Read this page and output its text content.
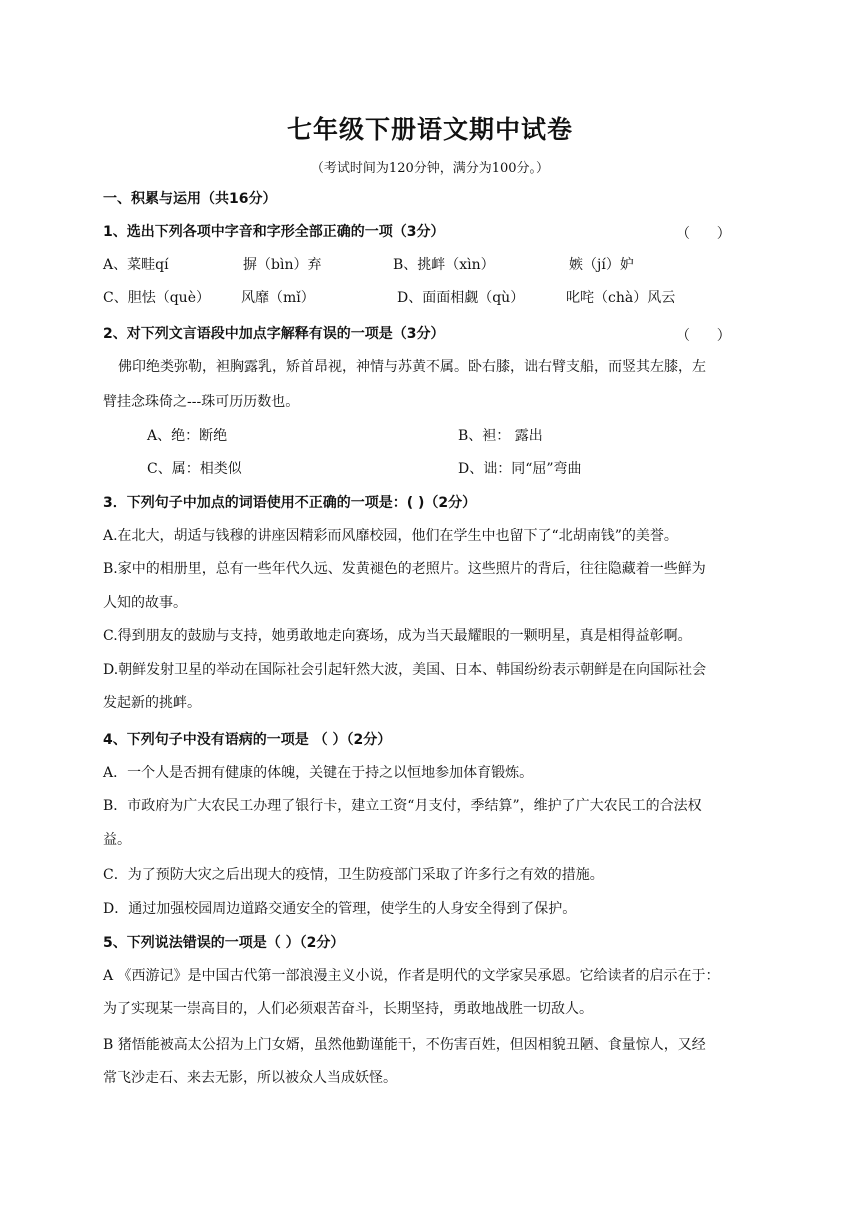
七年级下册语文期中试卷
（考试时间为120分钟，满分为100分。）
一、积累与运用（共16分）
1、选出下列各项中字音和字形全部正确的一项（3分）	（      ）
A、菜畦qí	摒（bìn）弃	B、挑衅（xìn）	嫉（jí）妒
C、胆怯（què） 风靡（mǐ）	D、面面相觑（qù）	叱咤（chà）风云
2、对下列文言语段中加点字解释有误的一项是（3分）	（      ）
佛印绝类弥勒，袒胸露乳，矫首昂视，神情与苏黄不属。卧右膝，诎右臂支船，而竖其左膝，左
臂挂念珠倚之---珠可历历数也。
A、绝：断绝	B、袒： 露出
C、属：相类似	D、诎：同“屈”弯曲
3．下列句子中加点的词语使用不正确的一项是：( )（2分）
A.在北大，胡适与钱穆的讲座因精彩而风靡校园，他们在学生中也留下了“北胡南钱”的美誉。
B.家中的相册里，总有一些年代久远、发黄褪色的老照片。这些照片的背后，往往隐藏着一些鲜为
人知的故事。
C.得到朋友的鼓励与支持，她勇敢地走向赛场，成为当天最耀眼的一颗明星，真是相得益彰啊。
D.朝鲜发射卫星的举动在国际社会引起轩然大波，美国、日本、韩国纷纷表示朝鲜是在向国际社会
发起新的挑衅。
4、下列句子中没有语病的一项是 （ ）（2分）
A．一个人是否拥有健康的体魄，关键在于持之以恒地参加体育锻炼。
B．市政府为广大农民工办理了银行卡，建立工资“月支付，季结算”，维护了广大农民工的合法权
益。
C．为了预防大灾之后出现大的疫情，卫生防疫部门采取了许多行之有效的措施。
D．通过加强校园周边道路交通安全的管理，使学生的人身安全得到了保护。
5、下列说法错误的一项是（ ）（2分）
A 《西游记》是中国古代第一部浪漫主义小说，作者是明代的文学家吴承恩。它给读者的启示在于：
为了实现某一崇高目的，人们必须艰苦奋斗，长期坚持，勇敢地战胜一切敌人。
B 猪悟能被高太公招为上门女婿，虽然他勤谨能干，不伤害百姓，但因相貌丑陋、食量惊人，又经
常飞沙走石、来去无影，所以被众人当成妖怪。
